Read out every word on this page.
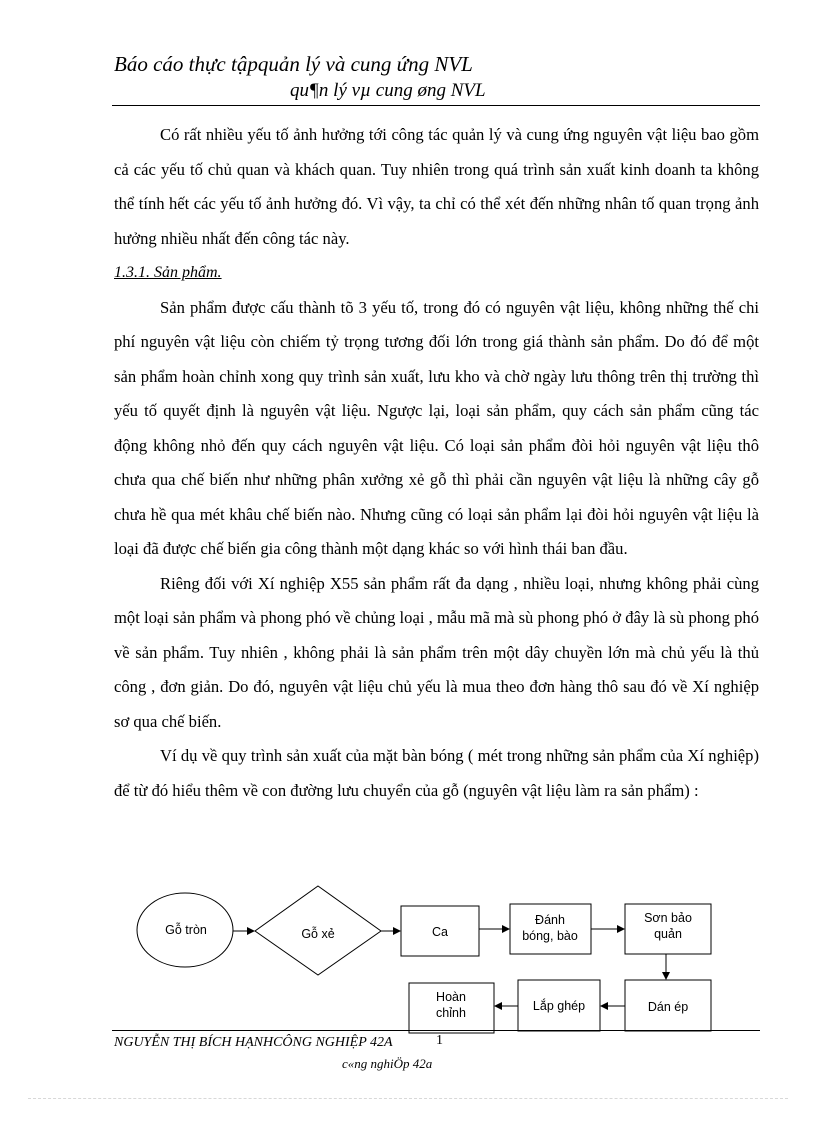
Báo cáo thực tậpquản lý và cung ứng NVL
qu¶n lý vµ cung øng NVL

Có rất nhiều yếu tố ảnh hưởng tới công tác quản lý và cung ứng nguyên vật liệu bao gồm cả các yếu tố chủ quan và khách quan. Tuy nhiên trong quá trình sản xuất kinh doanh ta không thể tính hết các yếu tố ảnh hưởng đó. Vì vậy, ta chỉ có thể xét đến những nhân tố quan trọng ảnh hưởng nhiều nhất đến công tác này.

1.3.1. Sản phẩm.

Sản phẩm được cấu thành tõ 3 yếu tố, trong đó có nguyên vật liệu, không những thế chi phí nguyên vật liệu còn chiếm tỷ trọng tương đối lớn trong giá thành sản phẩm. Do đó để một sản phẩm hoàn chỉnh xong quy trình sản xuất, lưu kho và chờ ngày lưu thông trên thị trường thì yếu tố quyết định là nguyên vật liệu. Ngược lại, loại sản phẩm, quy cách sản phẩm cũng tác động không nhỏ đến quy cách nguyên vật liệu. Có loại sản phẩm đòi hỏi nguyên vật liệu thô chưa qua chế biến như những phân xưởng xẻ gỗ thì phải cần nguyên vật liệu là những cây gỗ chưa hề qua mét khâu chế biến nào. Nhưng cũng có loại sản phẩm lại đòi hỏi nguyên vật liệu là loại đã được chế biến gia công thành một dạng khác so với hình thái ban đầu.

Riêng đối với Xí nghiệp X55 sản phẩm rất đa dạng , nhiều loại, nhưng không phải cùng một loại sản phẩm và phong phó về chủng loại , mẫu mã mà sù phong phó ở đây là sù phong phó về sản phẩm. Tuy nhiên , không phải là sản phẩm trên một dây chuyền lớn mà chủ yếu là thủ công , đơn giản. Do đó, nguyên vật liệu chủ yếu là mua theo đơn hàng thô sau đó về Xí nghiệp sơ qua chế biến.

Ví dụ về quy trình sản xuất của mặt bàn bóng ( mét trong những sản phẩm của Xí nghiệp) để từ đó hiểu thêm về con đường lưu chuyển của gỗ (nguyên vật liệu làm ra sản phẩm) :

Gỗ tròn	Gỗ xẻ	Ca
Đánh
bóng, bào
Sơn bảo
quản
Dán ép
Lắp ghép
Hoàn
chỉnh
NGUYỄN THỊ BÍCH HẠNHCÔNG NGHIỆP 42A	1
c«ng nghiÖp 42a
